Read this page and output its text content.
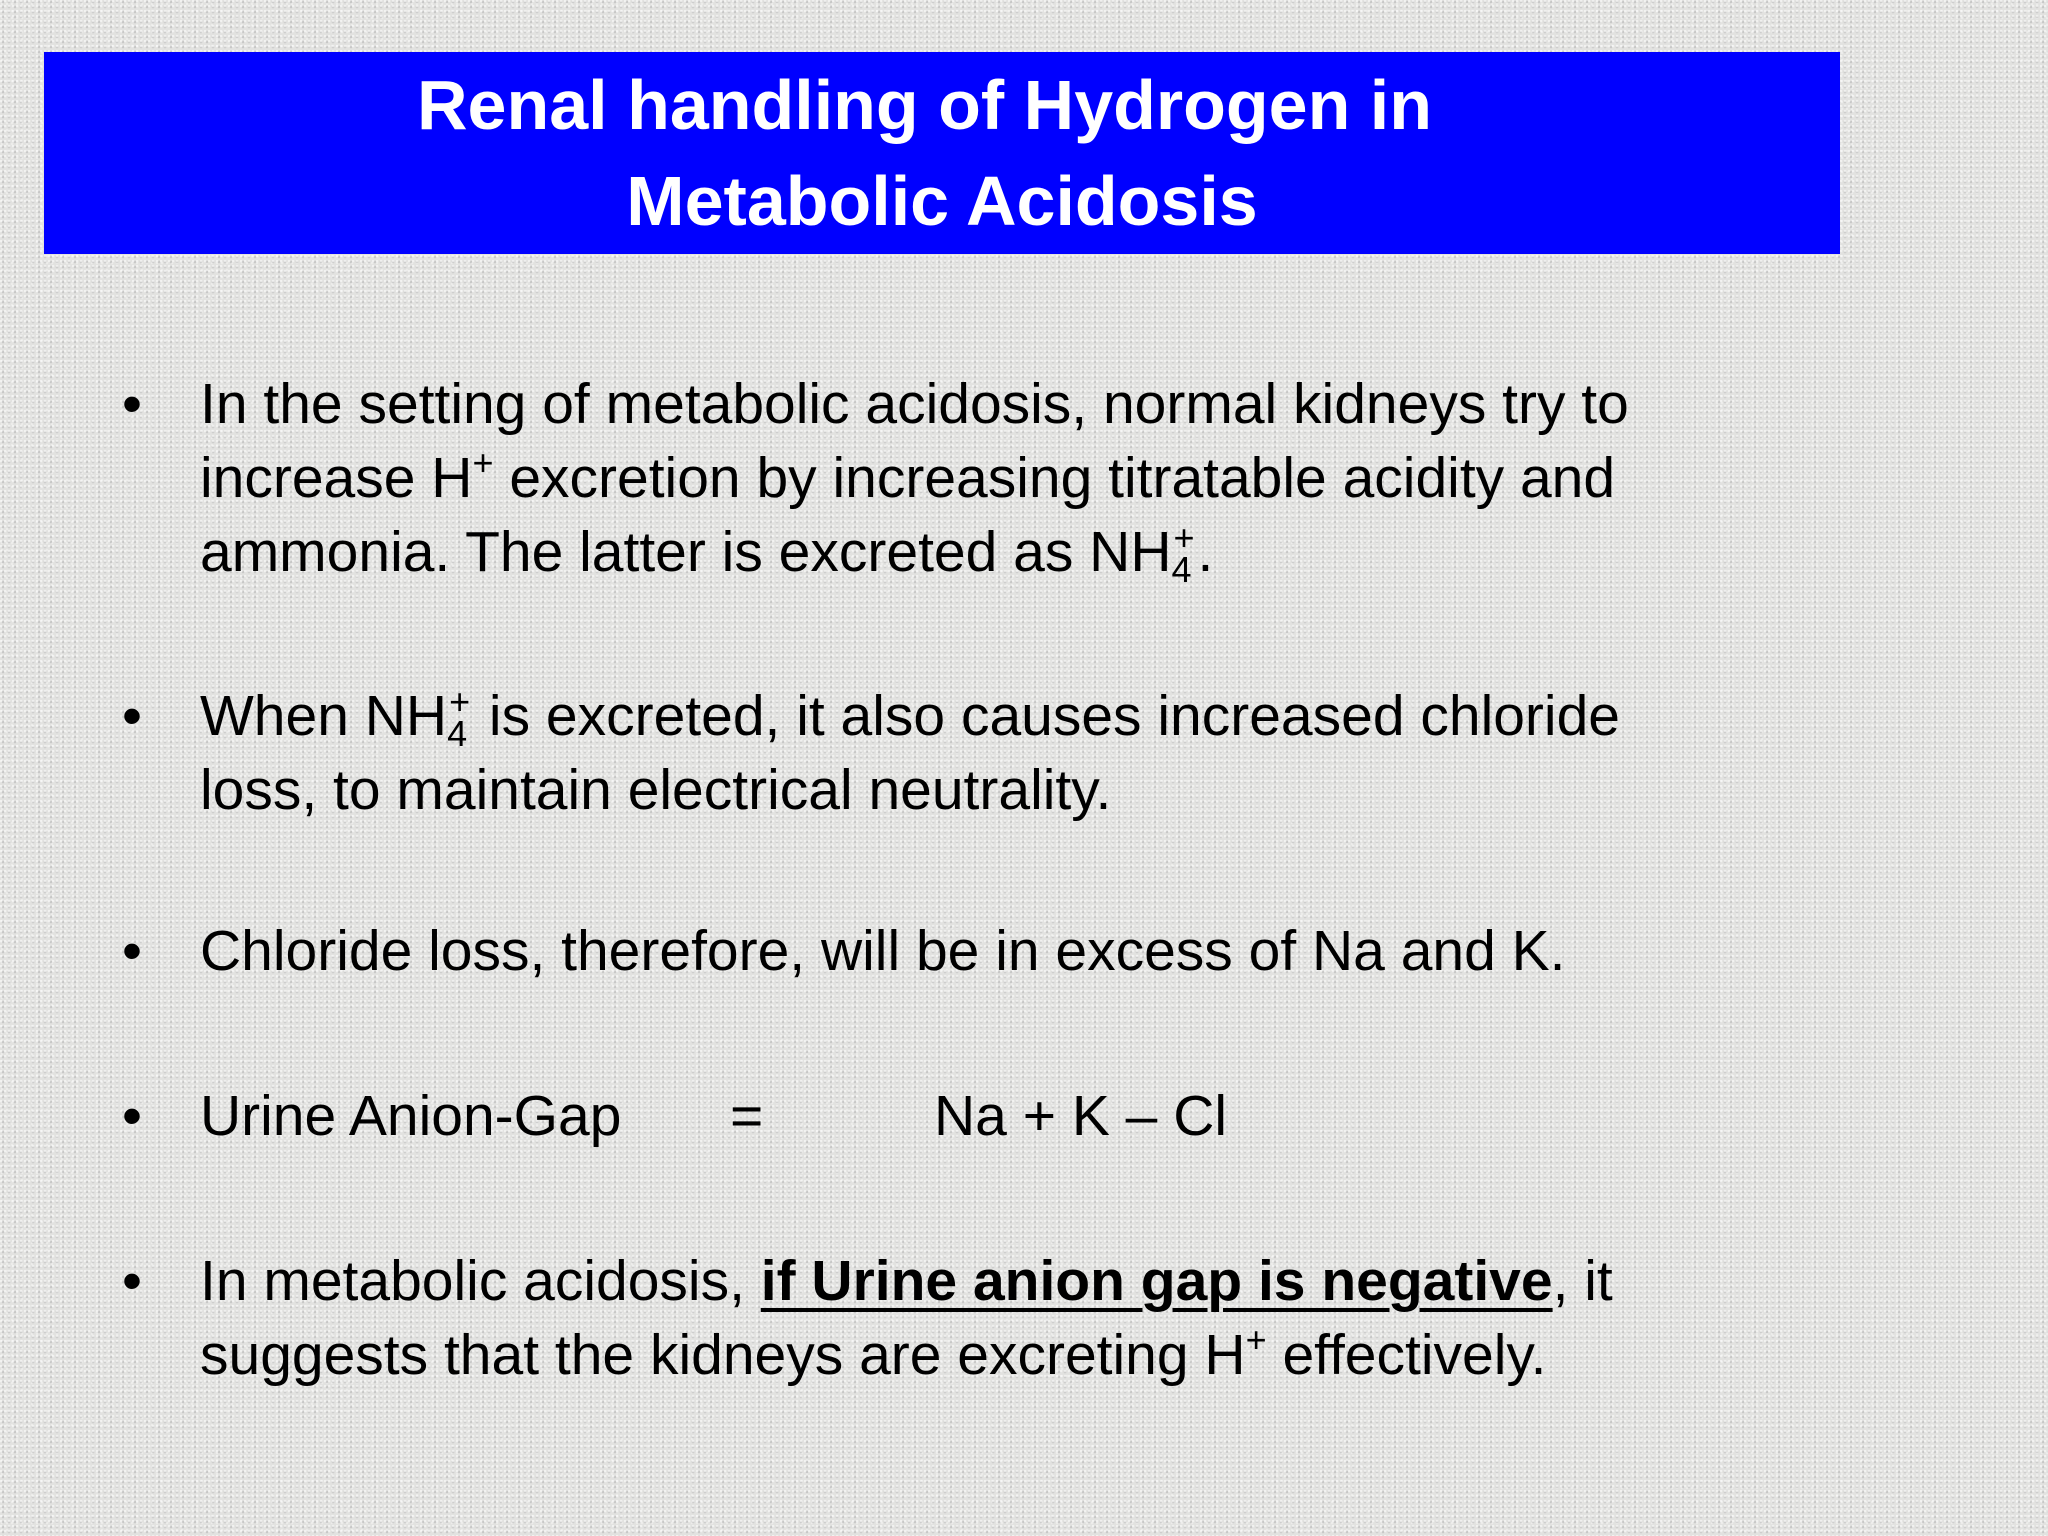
Renal handling of Hydrogen in
Metabolic Acidosis
• In the setting of metabolic acidosis, normal kidneys try to
increase H+ excretion by increasing titratable acidity and
ammonia. The latter is excreted as NH 4
+ .
• When NH 4
+ is excreted, it also causes increased chloride
loss, to maintain electrical neutrality.
• Chloride loss, therefore, will be in excess of Na and K.
• Urine Anion-Gap =	Na + K – Cl
• In metabolic acidosis, if Urine anion gap is negative, it
suggests that the kidneys are excreting H+ effectively.
